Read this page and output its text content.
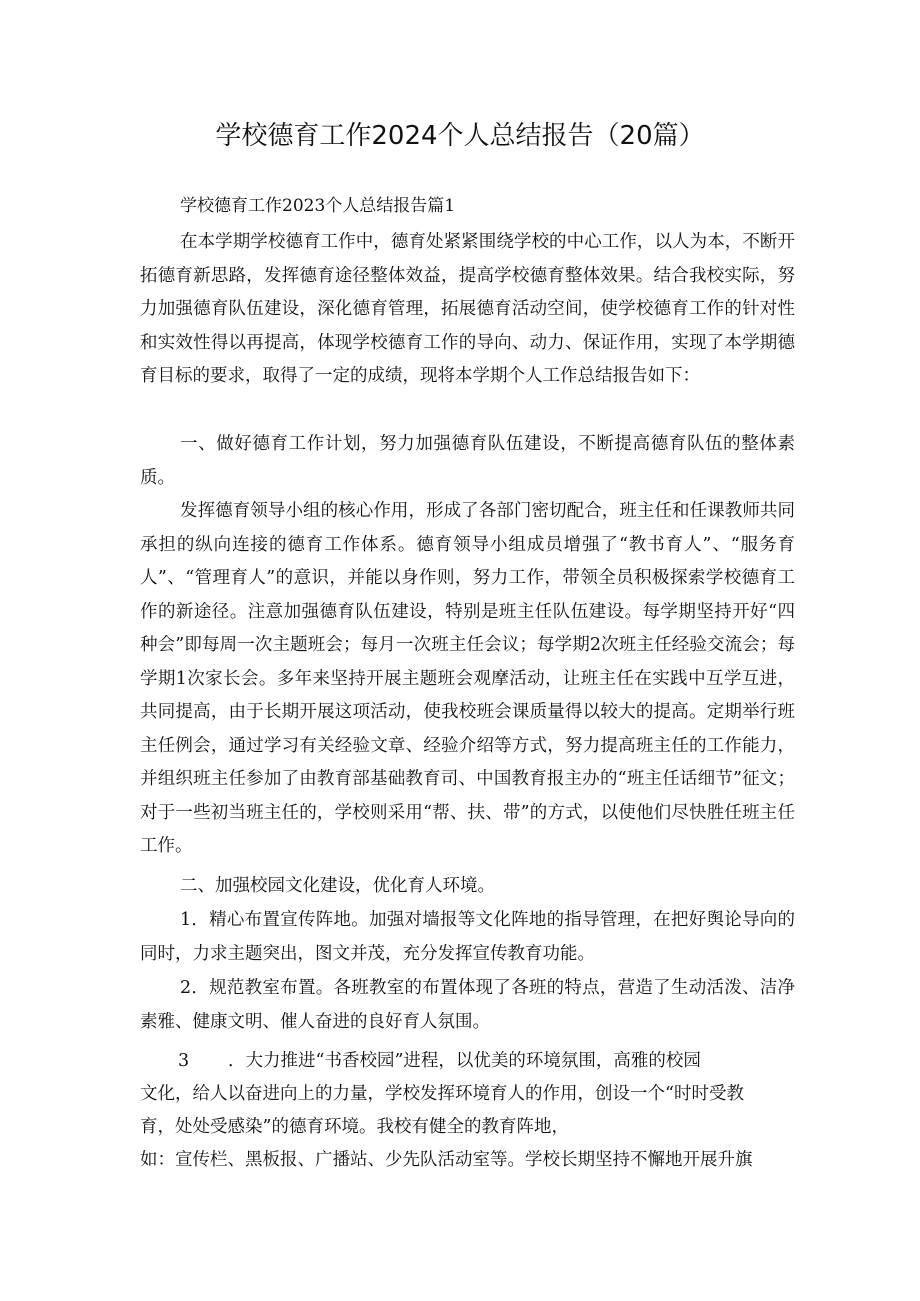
学校德育工作2024个人总结报告（20篇）
学校德育工作2023个人总结报告篇1

在本学期学校德育工作中，德育处紧紧围绕学校的中心工作，以人为本，不断开拓德育新思路，发挥德育途径整体效益，提高学校德育整体效果。结合我校实际，努力加强德育队伍建设，深化德育管理，拓展德育活动空间，使学校德育工作的针对性和实效性得以再提高，体现学校德育工作的导向、动力、保证作用，实现了本学期德育目标的要求，取得了一定的成绩，现将本学期个人工作总结报告如下：

一、做好德育工作计划，努力加强德育队伍建设，不断提高德育队伍的整体素质。

发挥德育领导小组的核心作用，形成了各部门密切配合，班主任和任课教师共同承担的纵向连接的德育工作体系。德育领导小组成员增强了“教书育人”、“服务育人”、“管理育人”的意识，并能以身作则，努力工作，带领全员积极探索学校德育工作的新途径。注意加强德育队伍建设，特别是班主任队伍建设。每学期坚持开好“四种会”即每周一次主题班会；每月一次班主任会议；每学期2次班主任经验交流会；每学期1次家长会。多年来坚持开展主题班会观摩活动，让班主任在实践中互学互进，共同提高，由于长期开展这项活动，使我校班会课质量得以较大的提高。定期举行班主任例会，通过学习有关经验文章、经验介绍等方式，努力提高班主任的工作能力，并组织班主任参加了由教育部基础教育司、中国教育报主办的“班主任话细节”征文；对于一些初当班主任的，学校则采用“帮、扶、带”的方式，以使他们尽快胜任班主任工作。

二、加强校园文化建设，优化育人环境。

1．精心布置宣传阵地。加强对墙报等文化阵地的指导管理，在把好舆论导向的同时，力求主题突出，图文并茂，充分发挥宣传教育功能。

2．规范教室布置。各班教室的布置体现了各班的特点，营造了生动活泼、洁净素雅、健康文明、催人奋进的良好育人氛围。

3 ．大力推进“书香校园”进程，以优美的环境氛围，高雅的校园

文化，给人以奋进向上的力量，学校发挥环境育人的作用，创设一个“时时受教

育，处处受感染”的德育环境。我校有健全的教育阵地，

如：宣传栏、黑板报、广播站、少先队活动室等。学校长期坚持不懈地开展升旗
